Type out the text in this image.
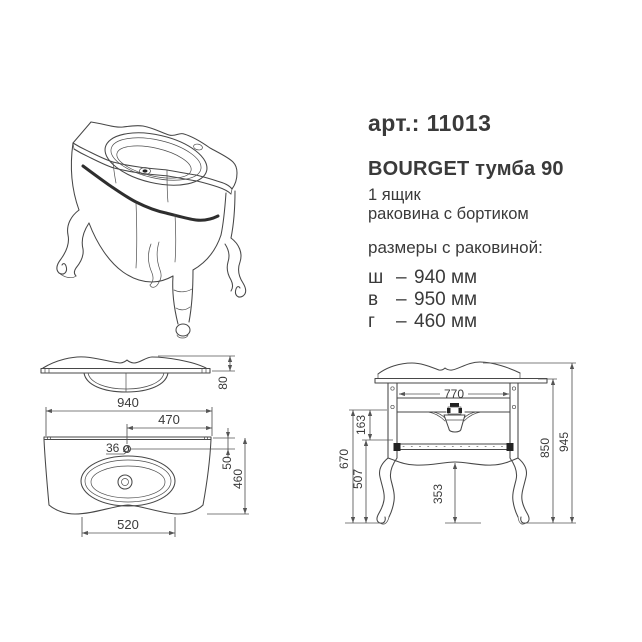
арт.: 11013

BOURGET тумба 90

1 ящик

раковина с бортиком

размеры с раковиной:

ш – 940 мм
в – 950 мм
г	– 460 мм
80
940
470
36 ø
50
460
520
770
163
670
507
353
850 945
